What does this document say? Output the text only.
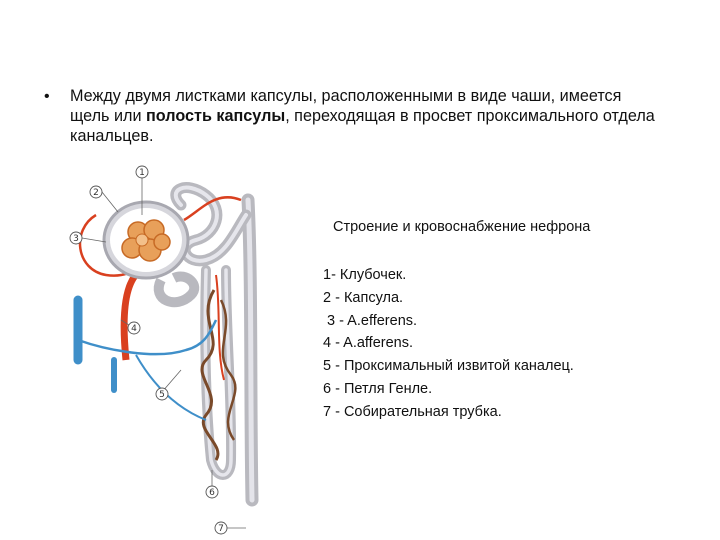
• Между двумя листками капсулы, расположенными в виде чаши, имеется щель или полость капсулы, переходящая в просвет проксимального отдела канальцев.
1
2
3
4
5
6
7
Строение и кровоснабжение нефрона
1- Клубочек.
2 - Капсула.
3 - A.efferens.
4 - A.afferens.
5 - Проксимальный извитой каналец.
6 - Петля Генле.
7 - Собирательная трубка.
